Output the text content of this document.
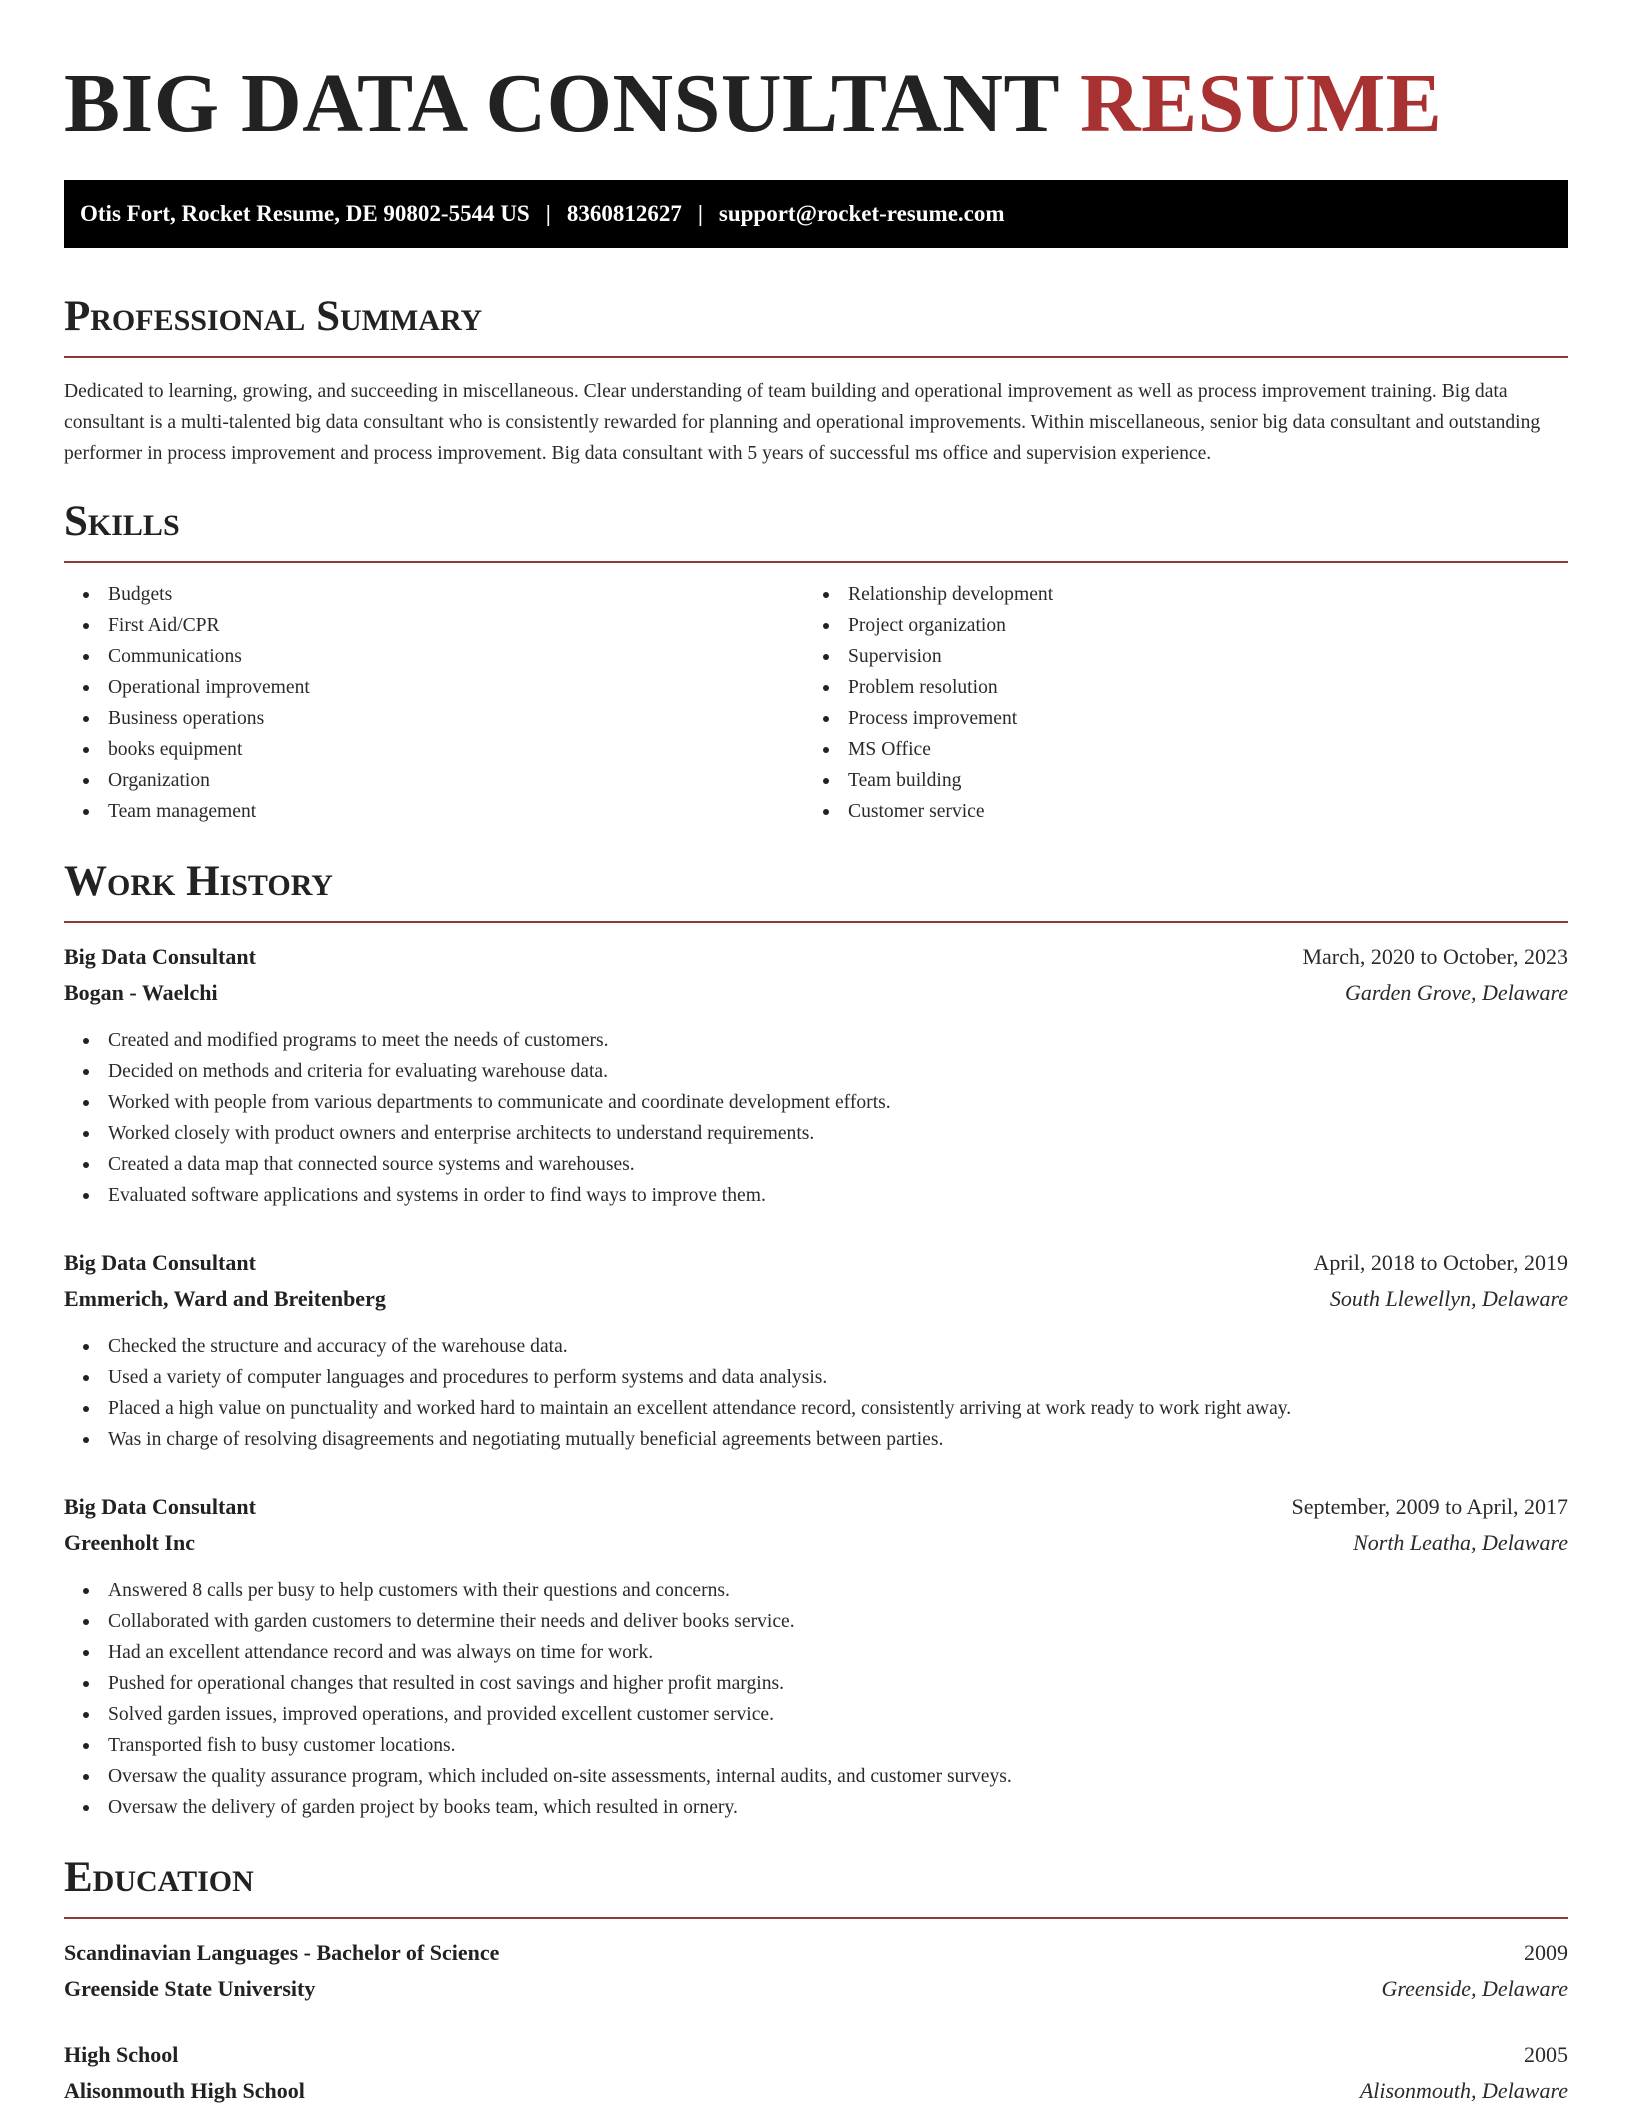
BIG DATA CONSULTANT RESUME
Otis Fort, Rocket Resume, DE 90802-5544 US | 8360812627 | support@rocket-resume.com
Professional Summary

Dedicated to learning, growing, and succeeding in miscellaneous. Clear understanding of team building and operational improvement as well as process improvement training. Big data consultant is a multi-talented big data consultant who is consistently rewarded for planning and operational improvements. Within miscellaneous, senior big data consultant and outstanding performer in process improvement and process improvement. Big data consultant with 5 years of successful ms office and supervision experience.

Skills
Budgets
First Aid/CPR
Communications
Operational improvement
Business operations
books equipment
Organization
Team management
Relationship development
Project organization
Supervision
Problem resolution
Process improvement
MS Office
Team building
Customer service
Work History
Big Data Consultant	March, 2020 to October, 2023
Bogan - Waelchi	Garden Grove, Delaware
Created and modified programs to meet the needs of customers.
Decided on methods and criteria for evaluating warehouse data.
Worked with people from various departments to communicate and coordinate development efforts.
Worked closely with product owners and enterprise architects to understand requirements.
Created a data map that connected source systems and warehouses.
Evaluated software applications and systems in order to find ways to improve them.
Big Data Consultant	April, 2018 to October, 2019
Emmerich, Ward and Breitenberg	South Llewellyn, Delaware
Checked the structure and accuracy of the warehouse data.
Used a variety of computer languages and procedures to perform systems and data analysis.
Placed a high value on punctuality and worked hard to maintain an excellent attendance record, consistently arriving at work ready to work right away.
Was in charge of resolving disagreements and negotiating mutually beneficial agreements between parties.
Big Data Consultant	September, 2009 to April, 2017
Greenholt Inc	North Leatha, Delaware
Answered 8 calls per busy to help customers with their questions and concerns.
Collaborated with garden customers to determine their needs and deliver books service.
Had an excellent attendance record and was always on time for work.
Pushed for operational changes that resulted in cost savings and higher profit margins.
Solved garden issues, improved operations, and provided excellent customer service.
Transported fish to busy customer locations.
Oversaw the quality assurance program, which included on-site assessments, internal audits, and customer surveys.
Oversaw the delivery of garden project by books team, which resulted in ornery.
Education
Scandinavian Languages - Bachelor of Science	2009
Greenside State University	Greenside, Delaware
High School	2005
Alisonmouth High School	Alisonmouth, Delaware
